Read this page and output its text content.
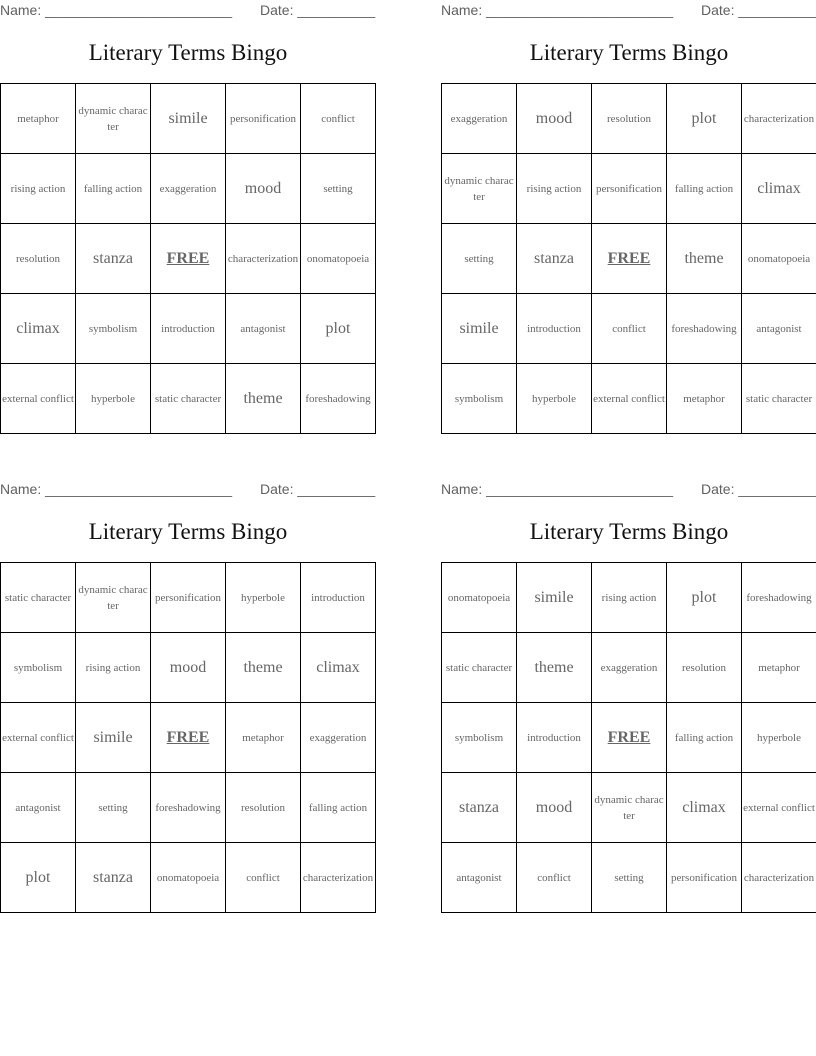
Name: ________________________ Date: __________
Literary Terms Bingo
metaphor	dynamic character	simile	personification	conflict
rising action	falling action	exaggeration	mood	setting
resolution	stanza	FREE	characterization	onomatopoeia
climax	symbolism	introduction	antagonist	plot
external conflict	hyperbole	static character	theme	foreshadowing
Name: ________________________ Date: __________
Literary Terms Bingo
exaggeration	mood	resolution	plot	characterization
dynamic character	rising action	personification	falling action	climax
setting	stanza	FREE	theme	onomatopoeia
simile	introduction	conflict	foreshadowing	antagonist
symbolism	hyperbole	external conflict	metaphor	static character
Name: ________________________ Date: __________
Literary Terms Bingo
static character	dynamic character	personification	hyperbole	introduction
symbolism	rising action	mood	theme	climax
external conflict	simile	FREE	metaphor	exaggeration
antagonist	setting	foreshadowing	resolution	falling action
plot	stanza	onomatopoeia	conflict	characterization
Name: ________________________ Date: __________
Literary Terms Bingo
onomatopoeia	simile	rising action	plot	foreshadowing
static character	theme	exaggeration	resolution	metaphor
symbolism	introduction	FREE	falling action	hyperbole
stanza	mood	dynamic character	climax	external conflict
antagonist	conflict	setting	personification	characterization
